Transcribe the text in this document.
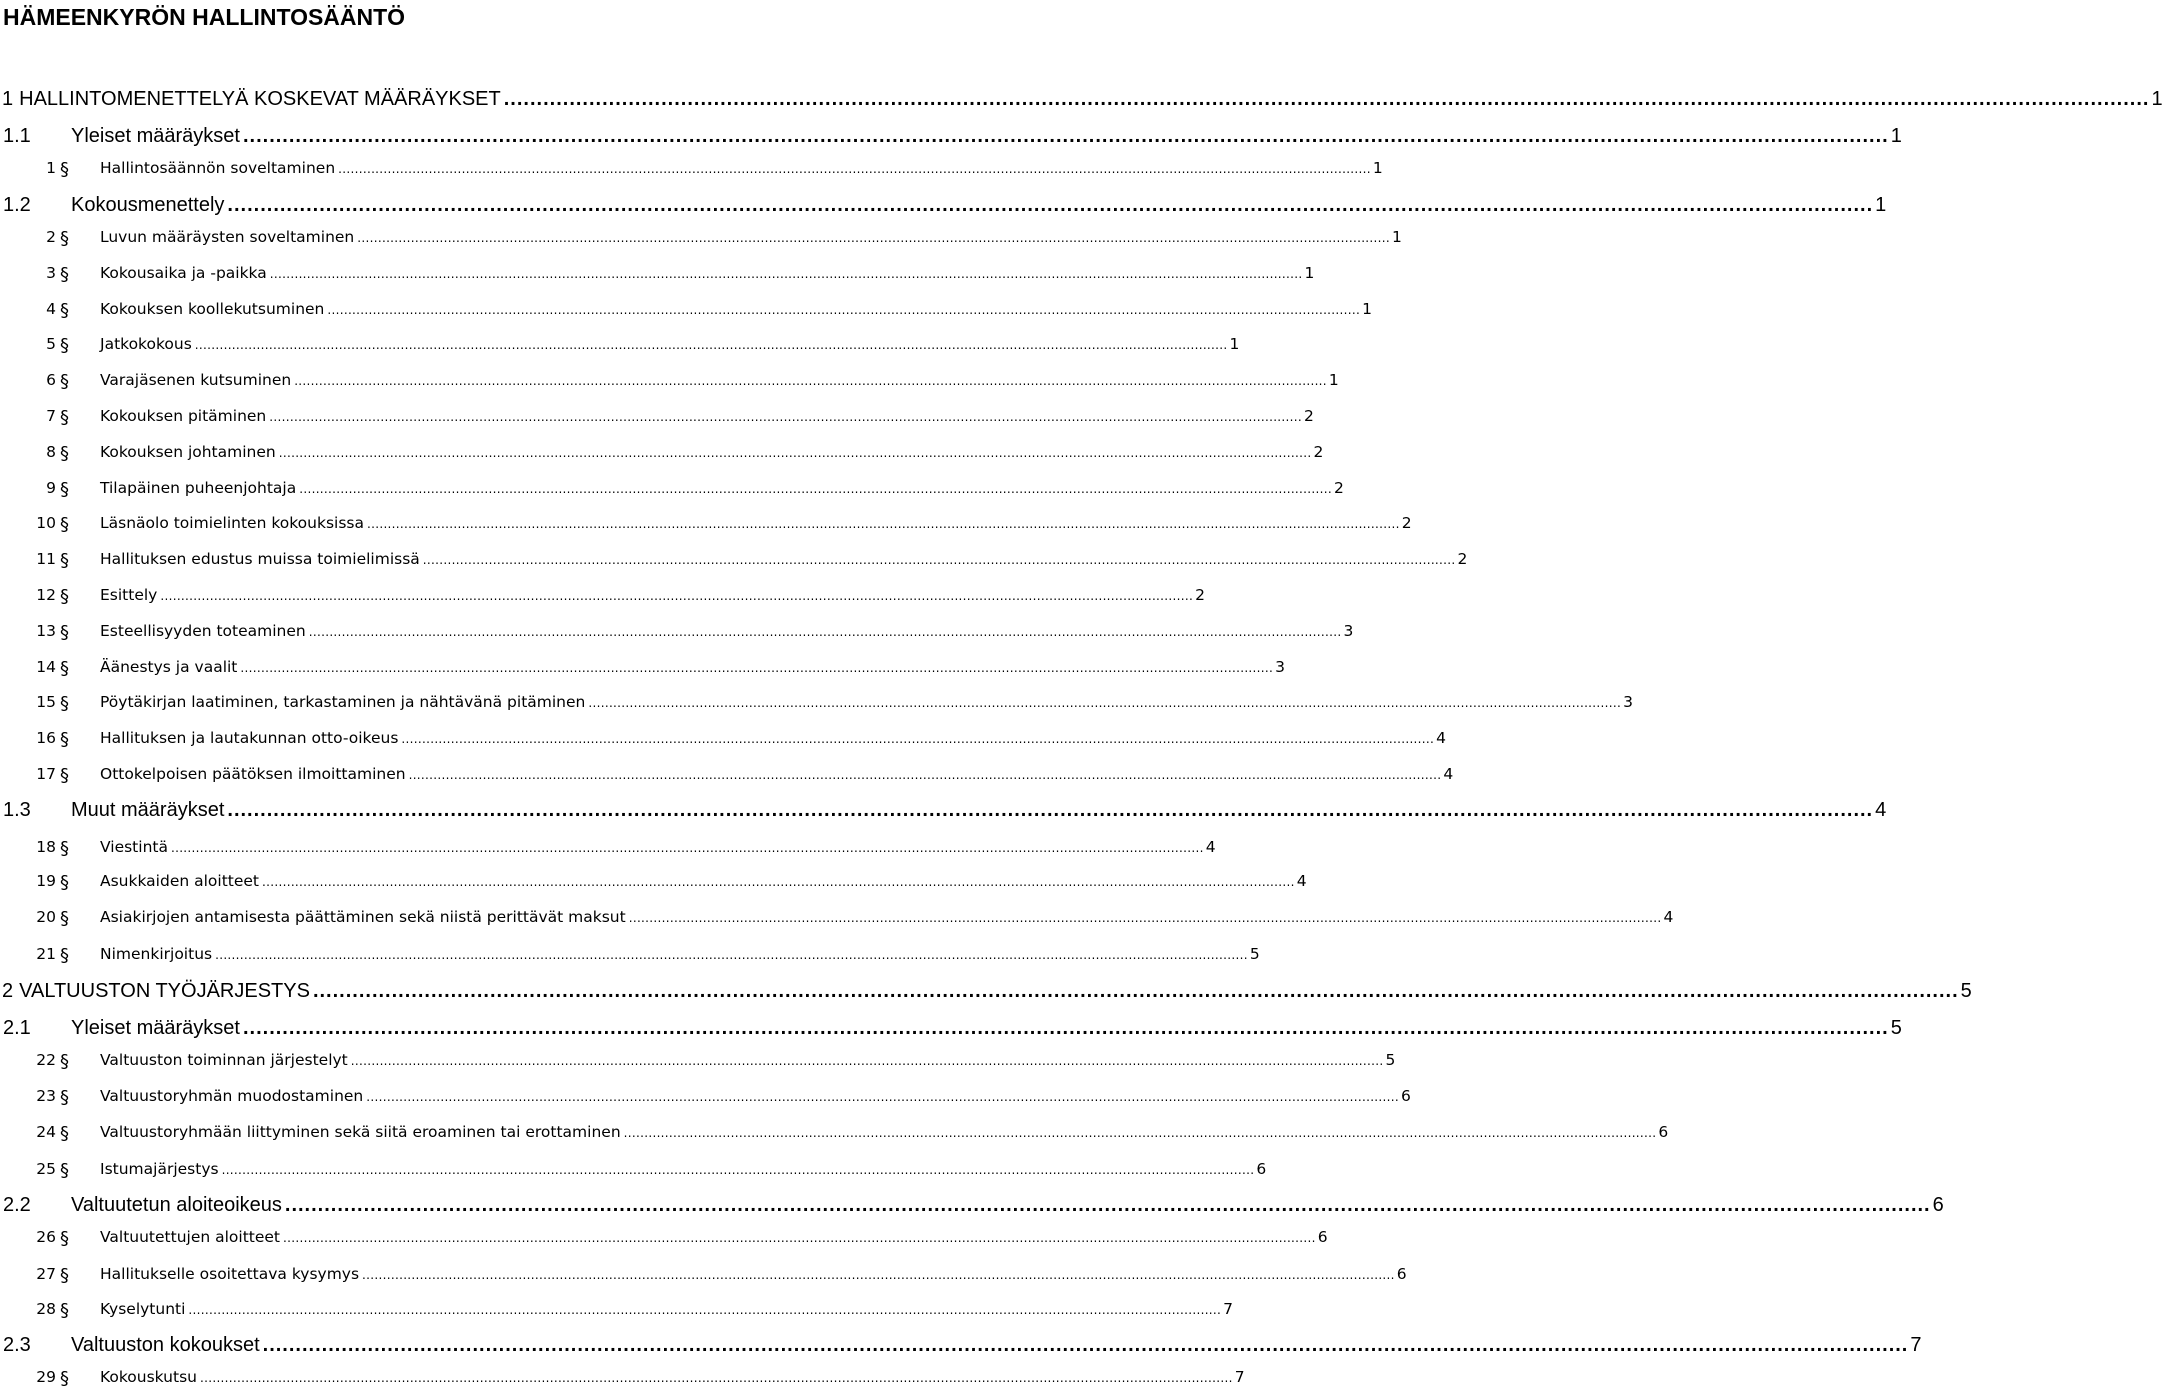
HÄMEENKYRÖN HALLINTOSÄÄNTÖ
1 HALLINTOMENETTELYÄ KOSKEVAT MÄÄRÄYKSET ........................................................................................................................................................................................................................................................... 1
1.1	Yleiset määräykset ........................................................................................................................................................................................................................................................... 1
1 §	Hallintosäännön soveltaminen ........................................................................................................................................................................................................................................................... 1
1.2	Kokousmenettely ........................................................................................................................................................................................................................................................... 1
2 §	Luvun määräysten soveltaminen ........................................................................................................................................................................................................................................................... 1
3 §	Kokousaika ja -paikka ........................................................................................................................................................................................................................................................... 1
4 §	Kokouksen koollekutsuminen ........................................................................................................................................................................................................................................................... 1
5 §	Jatkokokous ........................................................................................................................................................................................................................................................... 1
6 §	Varajäsenen kutsuminen ........................................................................................................................................................................................................................................................... 1
7 §	Kokouksen pitäminen ........................................................................................................................................................................................................................................................... 2
8 §	Kokouksen johtaminen ........................................................................................................................................................................................................................................................... 2
9 §	Tilapäinen puheenjohtaja ........................................................................................................................................................................................................................................................... 2
10 §	Läsnäolo toimielinten kokouksissa ........................................................................................................................................................................................................................................................... 2
11 §	Hallituksen edustus muissa toimielimissä ........................................................................................................................................................................................................................................................... 2
12 §	Esittely ........................................................................................................................................................................................................................................................... 2
13 §	Esteellisyyden toteaminen ........................................................................................................................................................................................................................................................... 3
14 §	Äänestys ja vaalit ........................................................................................................................................................................................................................................................... 3
15 §	Pöytäkirjan laatiminen, tarkastaminen ja nähtävänä pitäminen ........................................................................................................................................................................................................................................................... 3
16 §	Hallituksen ja lautakunnan otto-oikeus ........................................................................................................................................................................................................................................................... 4
17 §	Ottokelpoisen päätöksen ilmoittaminen ........................................................................................................................................................................................................................................................... 4
1.3	Muut määräykset ........................................................................................................................................................................................................................................................... 4
18 §	Viestintä ........................................................................................................................................................................................................................................................... 4
19 §	Asukkaiden aloitteet ........................................................................................................................................................................................................................................................... 4
20 §	Asiakirjojen antamisesta päättäminen sekä niistä perittävät maksut ........................................................................................................................................................................................................................................................... 4
21 §	Nimenkirjoitus ........................................................................................................................................................................................................................................................... 5
2 VALTUUSTON TYÖJÄRJESTYS ........................................................................................................................................................................................................................................................... 5
2.1	Yleiset määräykset ........................................................................................................................................................................................................................................................... 5
22 §	Valtuuston toiminnan järjestelyt ........................................................................................................................................................................................................................................................... 5
23 §	Valtuustoryhmän muodostaminen ........................................................................................................................................................................................................................................................... 6
24 §	Valtuustoryhmään liittyminen sekä siitä eroaminen tai erottaminen ........................................................................................................................................................................................................................................................... 6
25 §	Istumajärjestys ........................................................................................................................................................................................................................................................... 6
2.2	Valtuutetun aloiteoikeus ........................................................................................................................................................................................................................................................... 6
26 §	Valtuutettujen aloitteet ........................................................................................................................................................................................................................................................... 6
27 §	Hallitukselle osoitettava kysymys ........................................................................................................................................................................................................................................................... 6
28 §	Kyselytunti ........................................................................................................................................................................................................................................................... 7
2.3	Valtuuston kokoukset ........................................................................................................................................................................................................................................................... 7
29 §	Kokouskutsu ........................................................................................................................................................................................................................................................... 7
